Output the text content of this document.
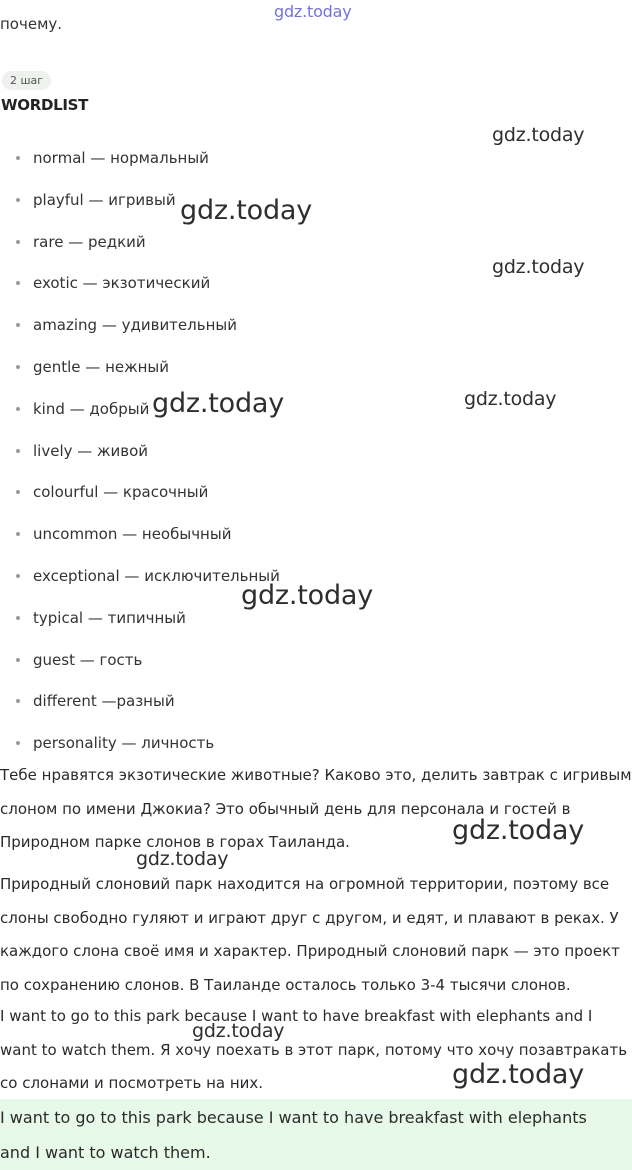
почему.
gdz.today
2 шаг
WORDLIST
normal — нормальный
playful — игривый
rare — редкий
exotic — экзотический
amazing — удивительный
gentle — нежный
kind — добрый
lively — живой
colourful — красочный
uncommon — необычный
exceptional — исключительный
typical — типичный
guest — гость
different —разный
personality — личность
Тебе нравятся экзотические животные? Каково это, делить завтрак с игривым
слоном по имени Джокиа? Это обычный день для персонала и гостей в
Природном парке слонов в горах Таиланда.
Природный слоновий парк находится на огромной территории, поэтому все
слоны свободно гуляют и играют друг с другом, и едят, и плавают в реках. У
каждого слона своё имя и характер. Природный слоновий парк — это проект
по сохранению слонов. В Таиланде осталось только 3-4 тысячи слонов.
I want to go to this park because I want to have breakfast with elephants and I
want to watch them. Я хочу поехать в этот парк, потому что хочу позавтракать
со слонами и посмотреть на них.
I want to go to this park because I want to have breakfast with elephants
and I want to watch them.
gdz.today
gdz.today
gdz.today
gdz.today	gdz.today
gdz.today
gdz.today
gdz.today
gdz.today
gdz.today
